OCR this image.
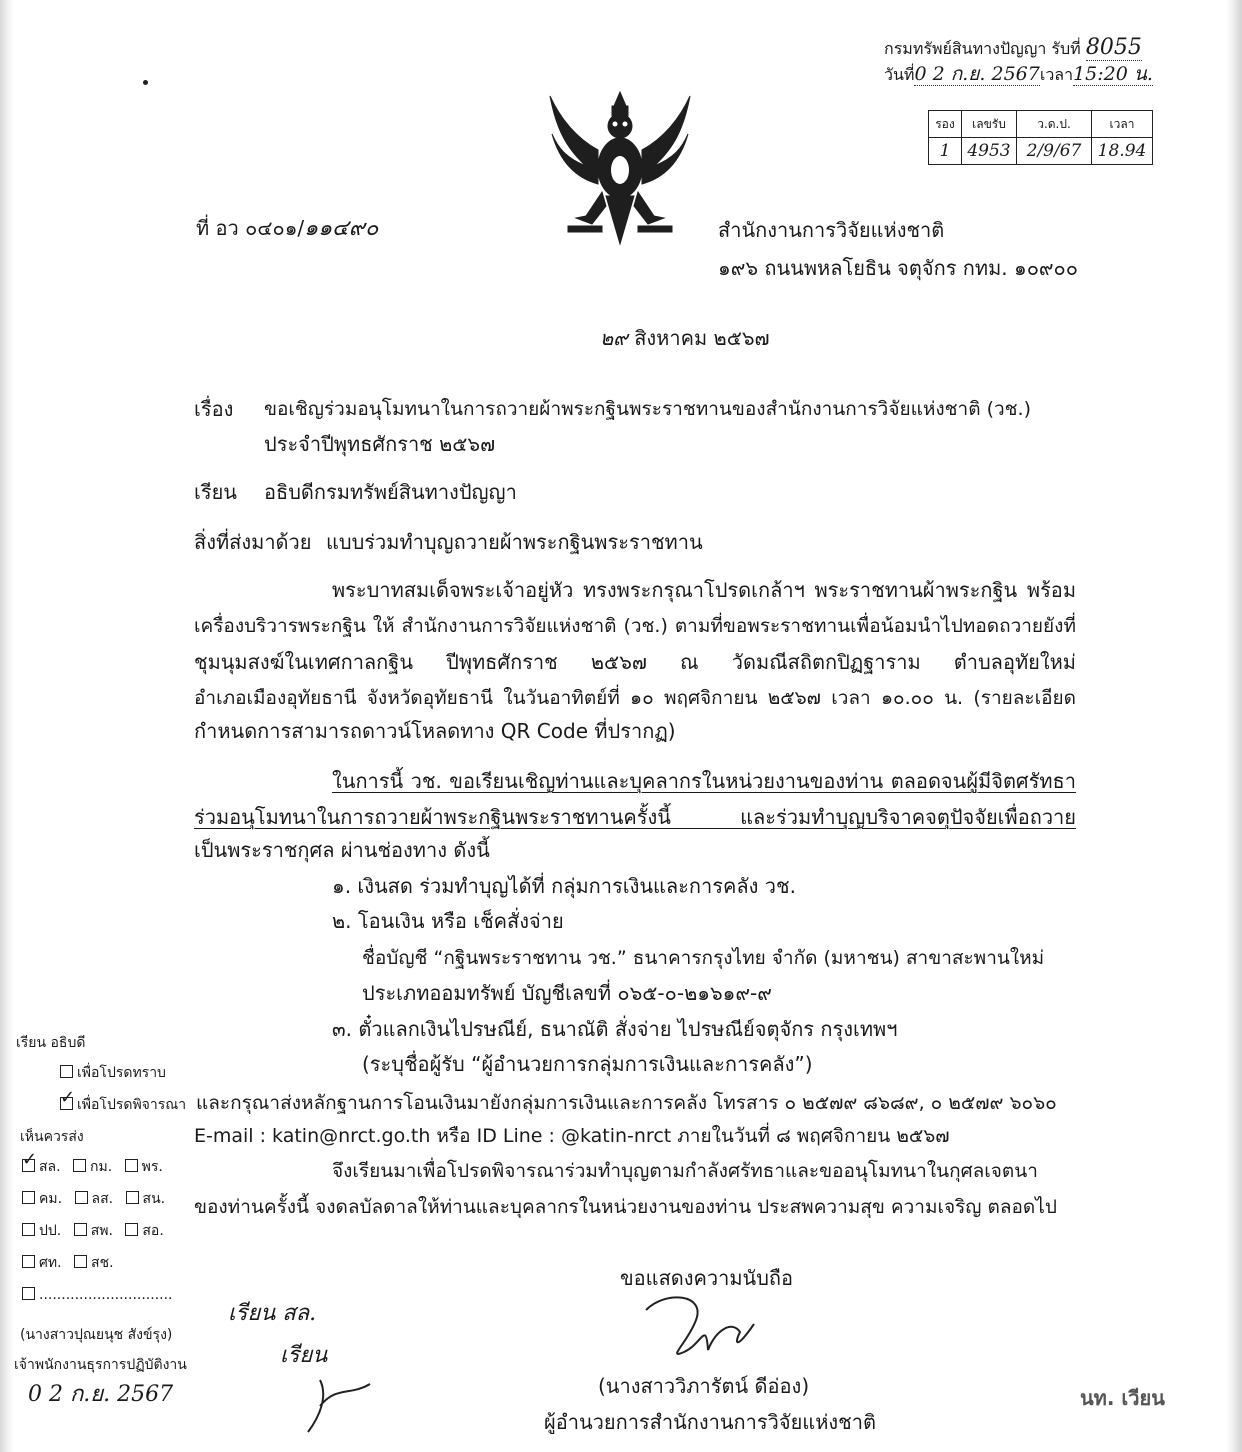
กรมทรัพย์สินทางปัญญา รับที่ 8055
วันที่0 2 ก.ย. 2567เวลา15:20 น.
รอง	เลขรับ	ว.ด.ป.	เวลา
1	4953	2/9/67	18.94
ที่ อว ๐๔๐๑/๑๑๔๙๐	สำนักงานการวิจัยแห่งชาติ
๑๙๖ ถนนพหลโยธิน จตุจักร กทม. ๑๐๙๐๐
๒๙ สิงหาคม ๒๕๖๗
เรื่อง ขอเชิญร่วมอนุโมทนาในการถวายผ้าพระกฐินพระราชทานของสำนักงานการวิจัยแห่งชาติ (วช.)
ประจำปีพุทธศักราช ๒๕๖๗
เรียน อธิบดีกรมทรัพย์สินทางปัญญา
สิ่งที่ส่งมาด้วย แบบร่วมทำบุญถวายผ้าพระกฐินพระราชทาน
พระบาทสมเด็จพระเจ้าอยู่หัว ทรงพระกรุณาโปรดเกล้าฯ พระราชทานผ้าพระกฐิน พร้อม
เครื่องบริวารพระกฐิน ให้ สำนักงานการวิจัยแห่งชาติ (วช.) ตามที่ขอพระราชทานเพื่อน้อมนำไปทอดถวายยังที่
ชุมนุมสงฆ์ในเทศกาลกฐิน ปีพุทธศักราช ๒๕๖๗ ณ วัดมณีสถิตกปิฏฐาราม ตำบลอุทัยใหม่
อำเภอเมืองอุทัยธานี จังหวัดอุทัยธานี ในวันอาทิตย์ที่ ๑๐ พฤศจิกายน ๒๕๖๗ เวลา ๑๐.๐๐ น. (รายละเอียด
กำหนดการสามารถดาวน์โหลดทาง QR Code ที่ปรากฏ)
ในการนี้ วช. ขอเรียนเชิญท่านและบุคลากรในหน่วยงานของท่าน ตลอดจนผู้มีจิตศรัทธา
ร่วมอนุโมทนาในการถวายผ้าพระกฐินพระราชทานครั้งนี้ และร่วมทำบุญบริจาคจตุปัจจัยเพื่อถวาย
เป็นพระราชกุศล ผ่านช่องทาง ดังนี้
๑. เงินสด ร่วมทำบุญได้ที่ กลุ่มการเงินและการคลัง วช.
๒. โอนเงิน หรือ เช็คสั่งจ่าย
ชื่อบัญชี “กฐินพระราชทาน วช.” ธนาคารกรุงไทย จำกัด (มหาชน) สาขาสะพานใหม่
ประเภทออมทรัพย์ บัญชีเลขที่ ๐๖๕-๐-๒๑๖๑๙-๙
๓. ตั๋วแลกเงินไปรษณีย์, ธนาณัติ สั่งจ่าย ไปรษณีย์จตุจักร กรุงเทพฯ
(ระบุชื่อผู้รับ “ผู้อำนวยการกลุ่มการเงินและการคลัง”)
และกรุณาส่งหลักฐานการโอนเงินมายังกลุ่มการเงินและการคลัง โทรสาร ๐ ๒๕๗๙ ๘๖๘๙, ๐ ๒๕๗๙ ๖๐๖๐
E-mail : katin@nrct.go.th หรือ ID Line : @katin-nrct ภายในวันที่ ๘ พฤศจิกายน ๒๕๖๗
จึงเรียนมาเพื่อโปรดพิจารณาร่วมทำบุญตามกำลังศรัทธาและขออนุโมทนาในกุศลเจตนา
ของท่านครั้งนี้ จงดลบัลดาลให้ท่านและบุคลากรในหน่วยงานของท่าน ประสพความสุข ความเจริญ ตลอดไป
ขอแสดงความนับถือ
(นางสาววิภารัตน์ ดีอ่อง)
ผู้อำนวยการสำนักงานการวิจัยแห่งชาติ
เรียน อธิบดี
เพื่อโปรดทราบ
✓เพื่อโปรดพิจารณา
เห็นควรส่ง
✓สล. กม. พร.
คม. ลส. สน.
ปป. สพ. สอ.
ศท. สช.
..............................
(นางสาวปุณยนุช สังข์รุง)
เจ้าพนักงานธุรการปฏิบัติงาน
0 2 ก.ย. 2567
เรียน สล.
เรียน
นท. เวียน
